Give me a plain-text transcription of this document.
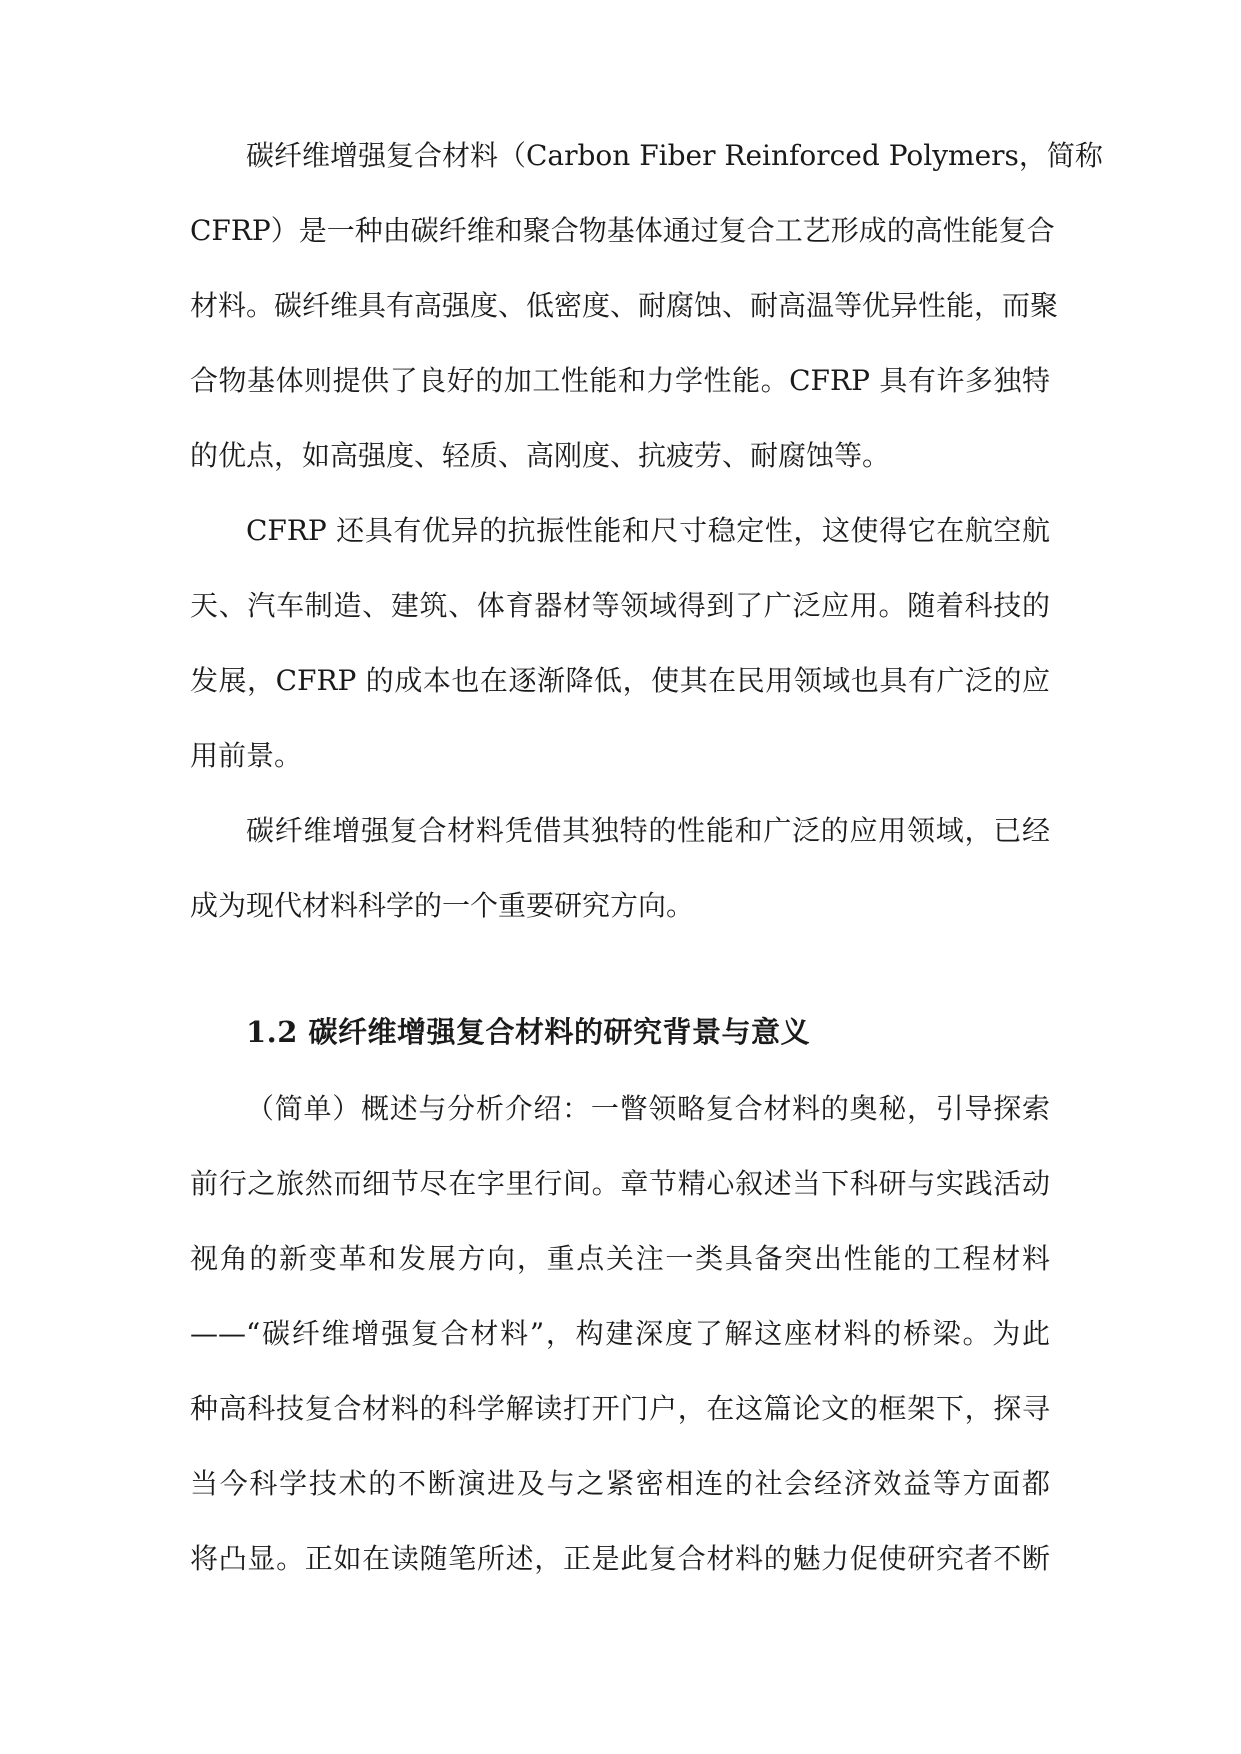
碳纤维增强复合材料（Carbon Fiber Reinforced Polymers，简称
CFRP）是一种由碳纤维和聚合物基体通过复合工艺形成的高性能复合
材料。碳纤维具有高强度、低密度、耐腐蚀、耐高温等优异性能，而聚
合物基体则提供了良好的加工性能和力学性能。CFRP 具有许多独特
的优点，如高强度、轻质、高刚度、抗疲劳、耐腐蚀等。
CFRP 还具有优异的抗振性能和尺寸稳定性，这使得它在航空航
天、汽车制造、建筑、体育器材等领域得到了广泛应用。随着科技的
发展，CFRP 的成本也在逐渐降低，使其在民用领域也具有广泛的应
用前景。
碳纤维增强复合材料凭借其独特的性能和广泛的应用领域，已经
成为现代材料科学的一个重要研究方向。
1.2 碳纤维增强复合材料的研究背景与意义
（简单）概述与分析介绍：一瞥领略复合材料的奥秘，引导探索
前行之旅然而细节尽在字里行间。章节精心叙述当下科研与实践活动
视角的新变革和发展方向，重点关注一类具备突出性能的工程材料
——“碳纤维增强复合材料”，构建深度了解这座材料的桥梁。为此
种高科技复合材料的科学解读打开门户，在这篇论文的框架下，探寻
当今科学技术的不断演进及与之紧密相连的社会经济效益等方面都
将凸显。正如在读随笔所述，正是此复合材料的魅力促使研究者不断
